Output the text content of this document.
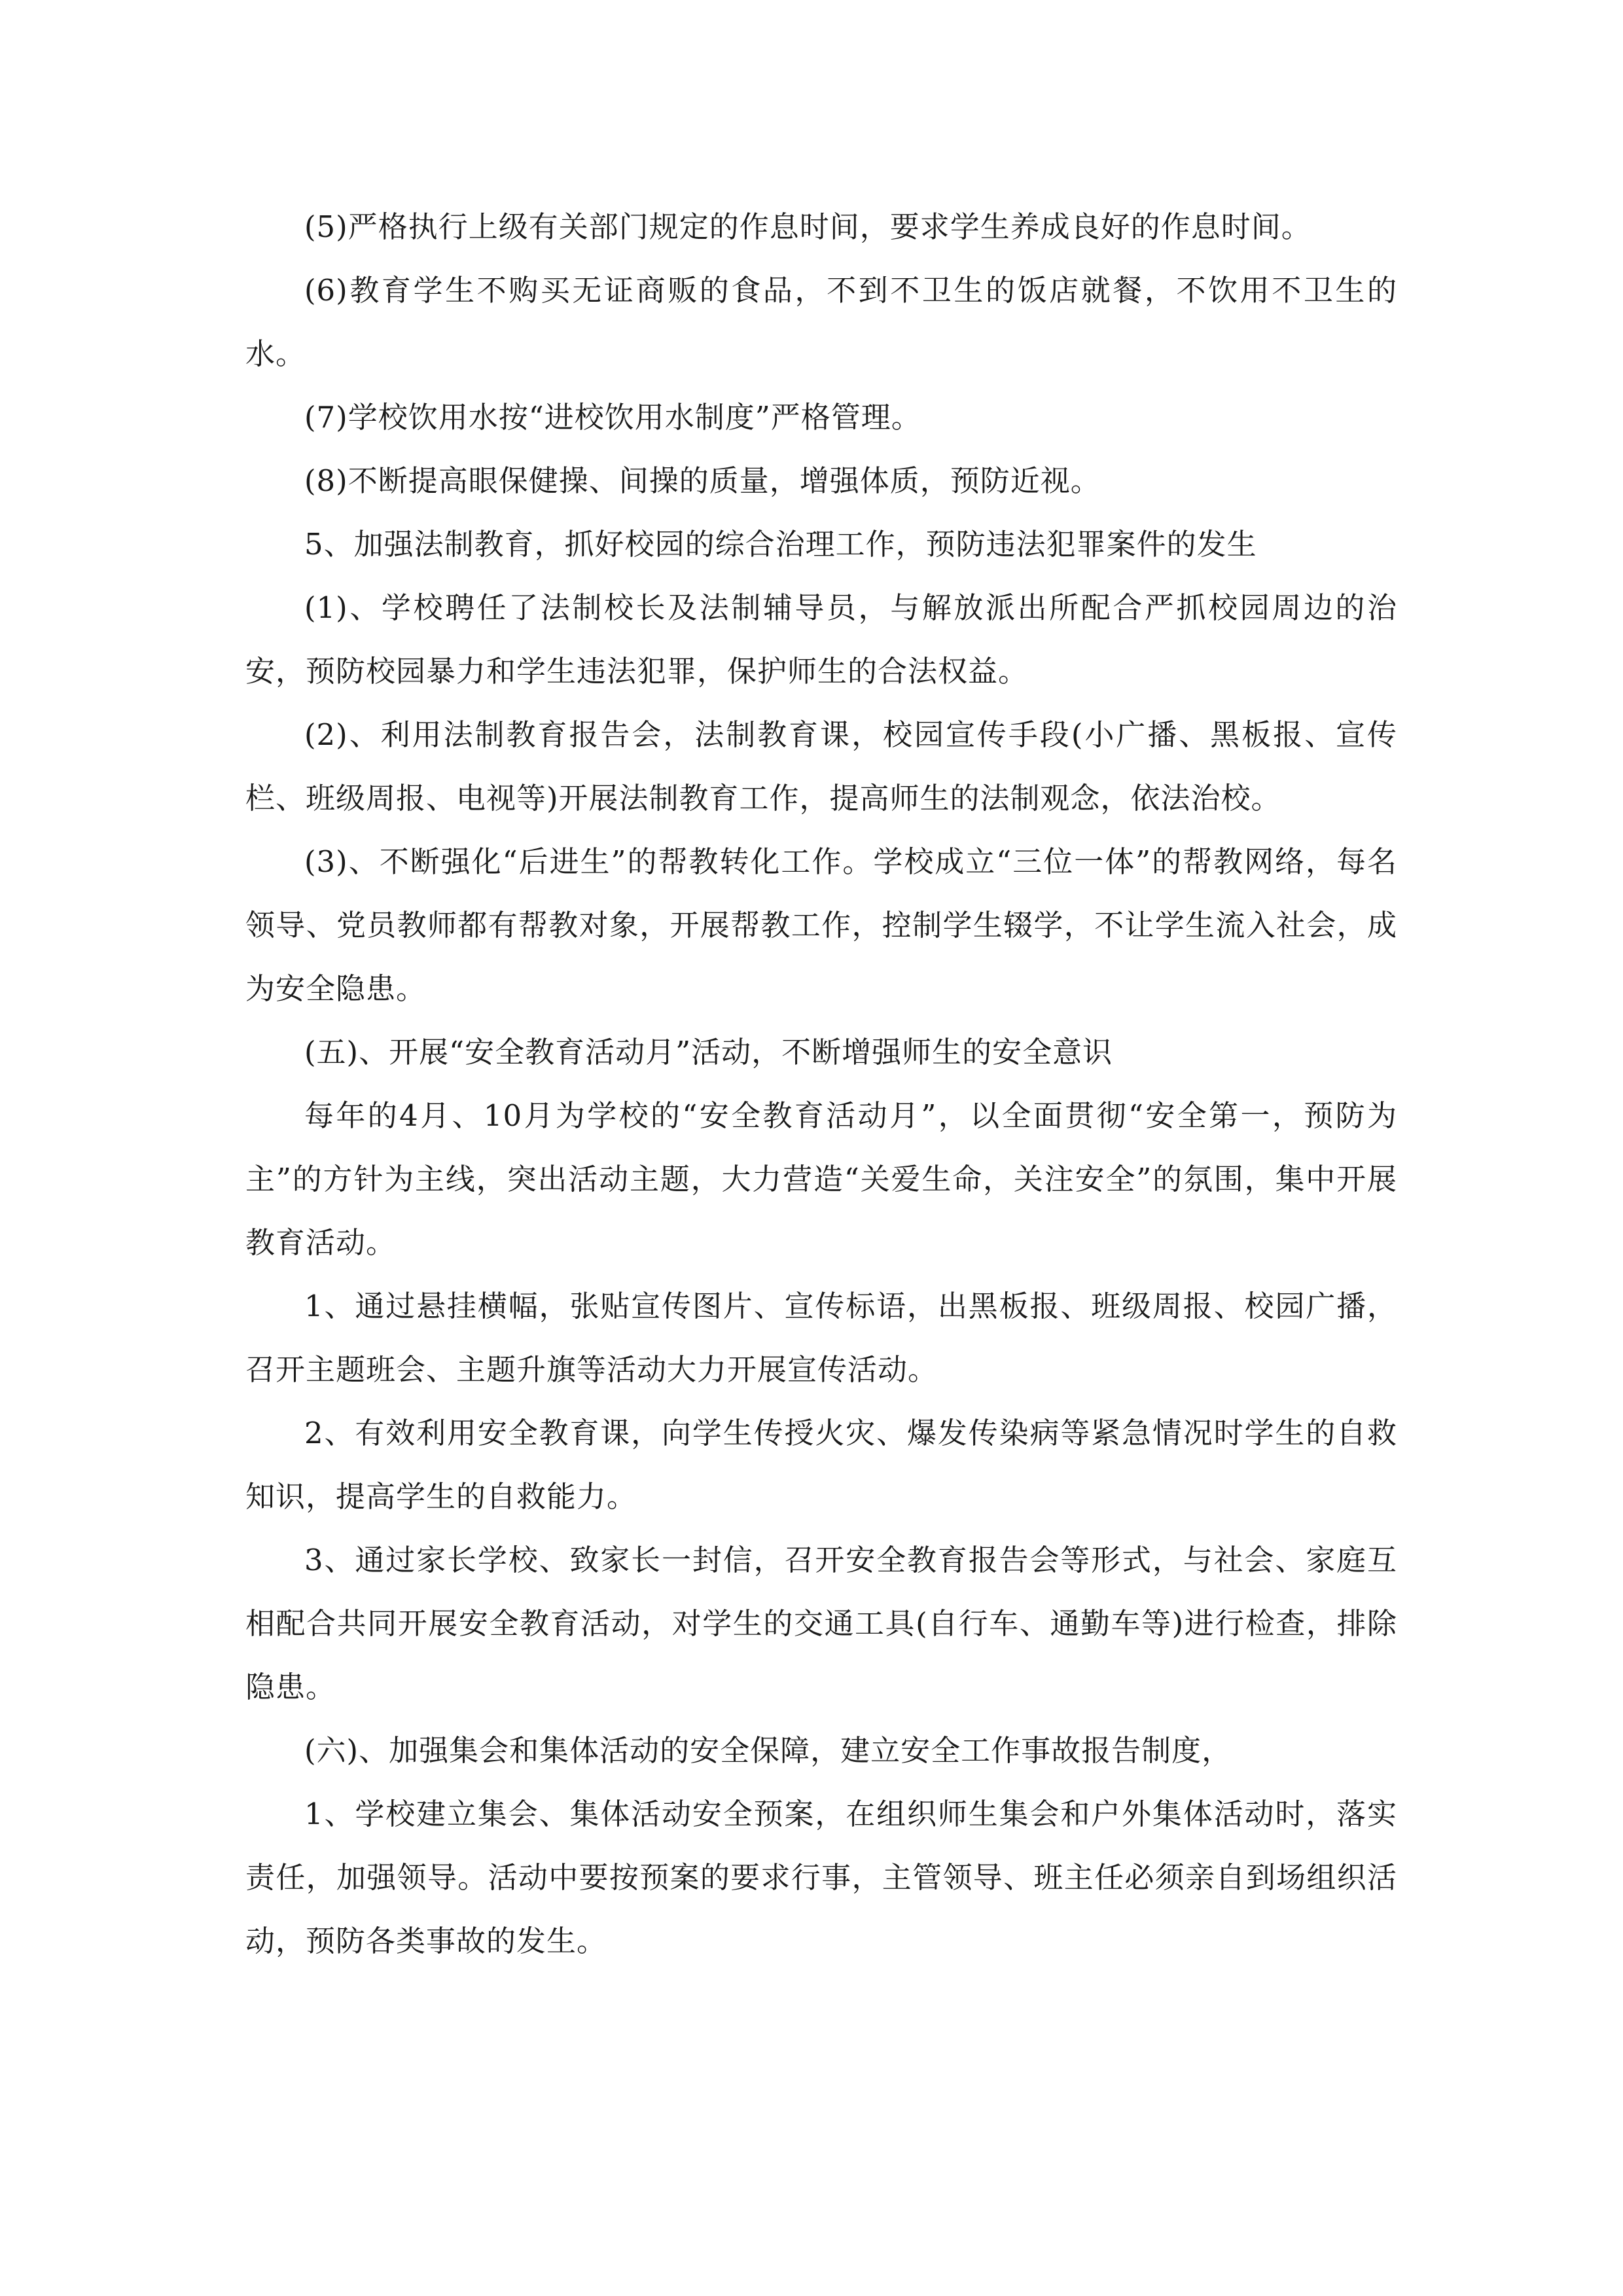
(5)严格执行上级有关部门规定的作息时间，要求学生养成良好的作息时间。

(6)教育学生不购买无证商贩的食品，不到不卫生的饭店就餐，不饮用不卫生的水。

(7)学校饮用水按“进校饮用水制度”严格管理。

(8)不断提高眼保健操、间操的质量，增强体质，预防近视。

5、加强法制教育，抓好校园的综合治理工作，预防违法犯罪案件的发生

(1)、学校聘任了法制校长及法制辅导员，与解放派出所配合严抓校园周边的治安，预防校园暴力和学生违法犯罪，保护师生的合法权益。

(2)、利用法制教育报告会，法制教育课，校园宣传手段(小广播、黑板报、宣传栏、班级周报、电视等)开展法制教育工作，提高师生的法制观念，依法治校。

(3)、不断强化“后进生”的帮教转化工作。学校成立“三位一体”的帮教网络，每名领导、党员教师都有帮教对象，开展帮教工作，控制学生辍学，不让学生流入社会，成为安全隐患。

(五)、开展“安全教育活动月”活动，不断增强师生的安全意识

每年的4月、10月为学校的“安全教育活动月”，以全面贯彻“安全第一，预防为主”的方针为主线，突出活动主题，大力营造“关爱生命，关注安全”的氛围，集中开展教育活动。

1、通过悬挂横幅，张贴宣传图片、宣传标语，出黑板报、班级周报、校园广播，召开主题班会、主题升旗等活动大力开展宣传活动。

2、有效利用安全教育课，向学生传授火灾、爆发传染病等紧急情况时学生的自救知识，提高学生的自救能力。

3、通过家长学校、致家长一封信，召开安全教育报告会等形式，与社会、家庭互相配合共同开展安全教育活动，对学生的交通工具(自行车、通勤车等)进行检查，排除隐患。

(六)、加强集会和集体活动的安全保障，建立安全工作事故报告制度，

1、学校建立集会、集体活动安全预案，在组织师生集会和户外集体活动时，落实责任，加强领导。活动中要按预案的要求行事，主管领导、班主任必须亲自到场组织活动，预防各类事故的发生。
